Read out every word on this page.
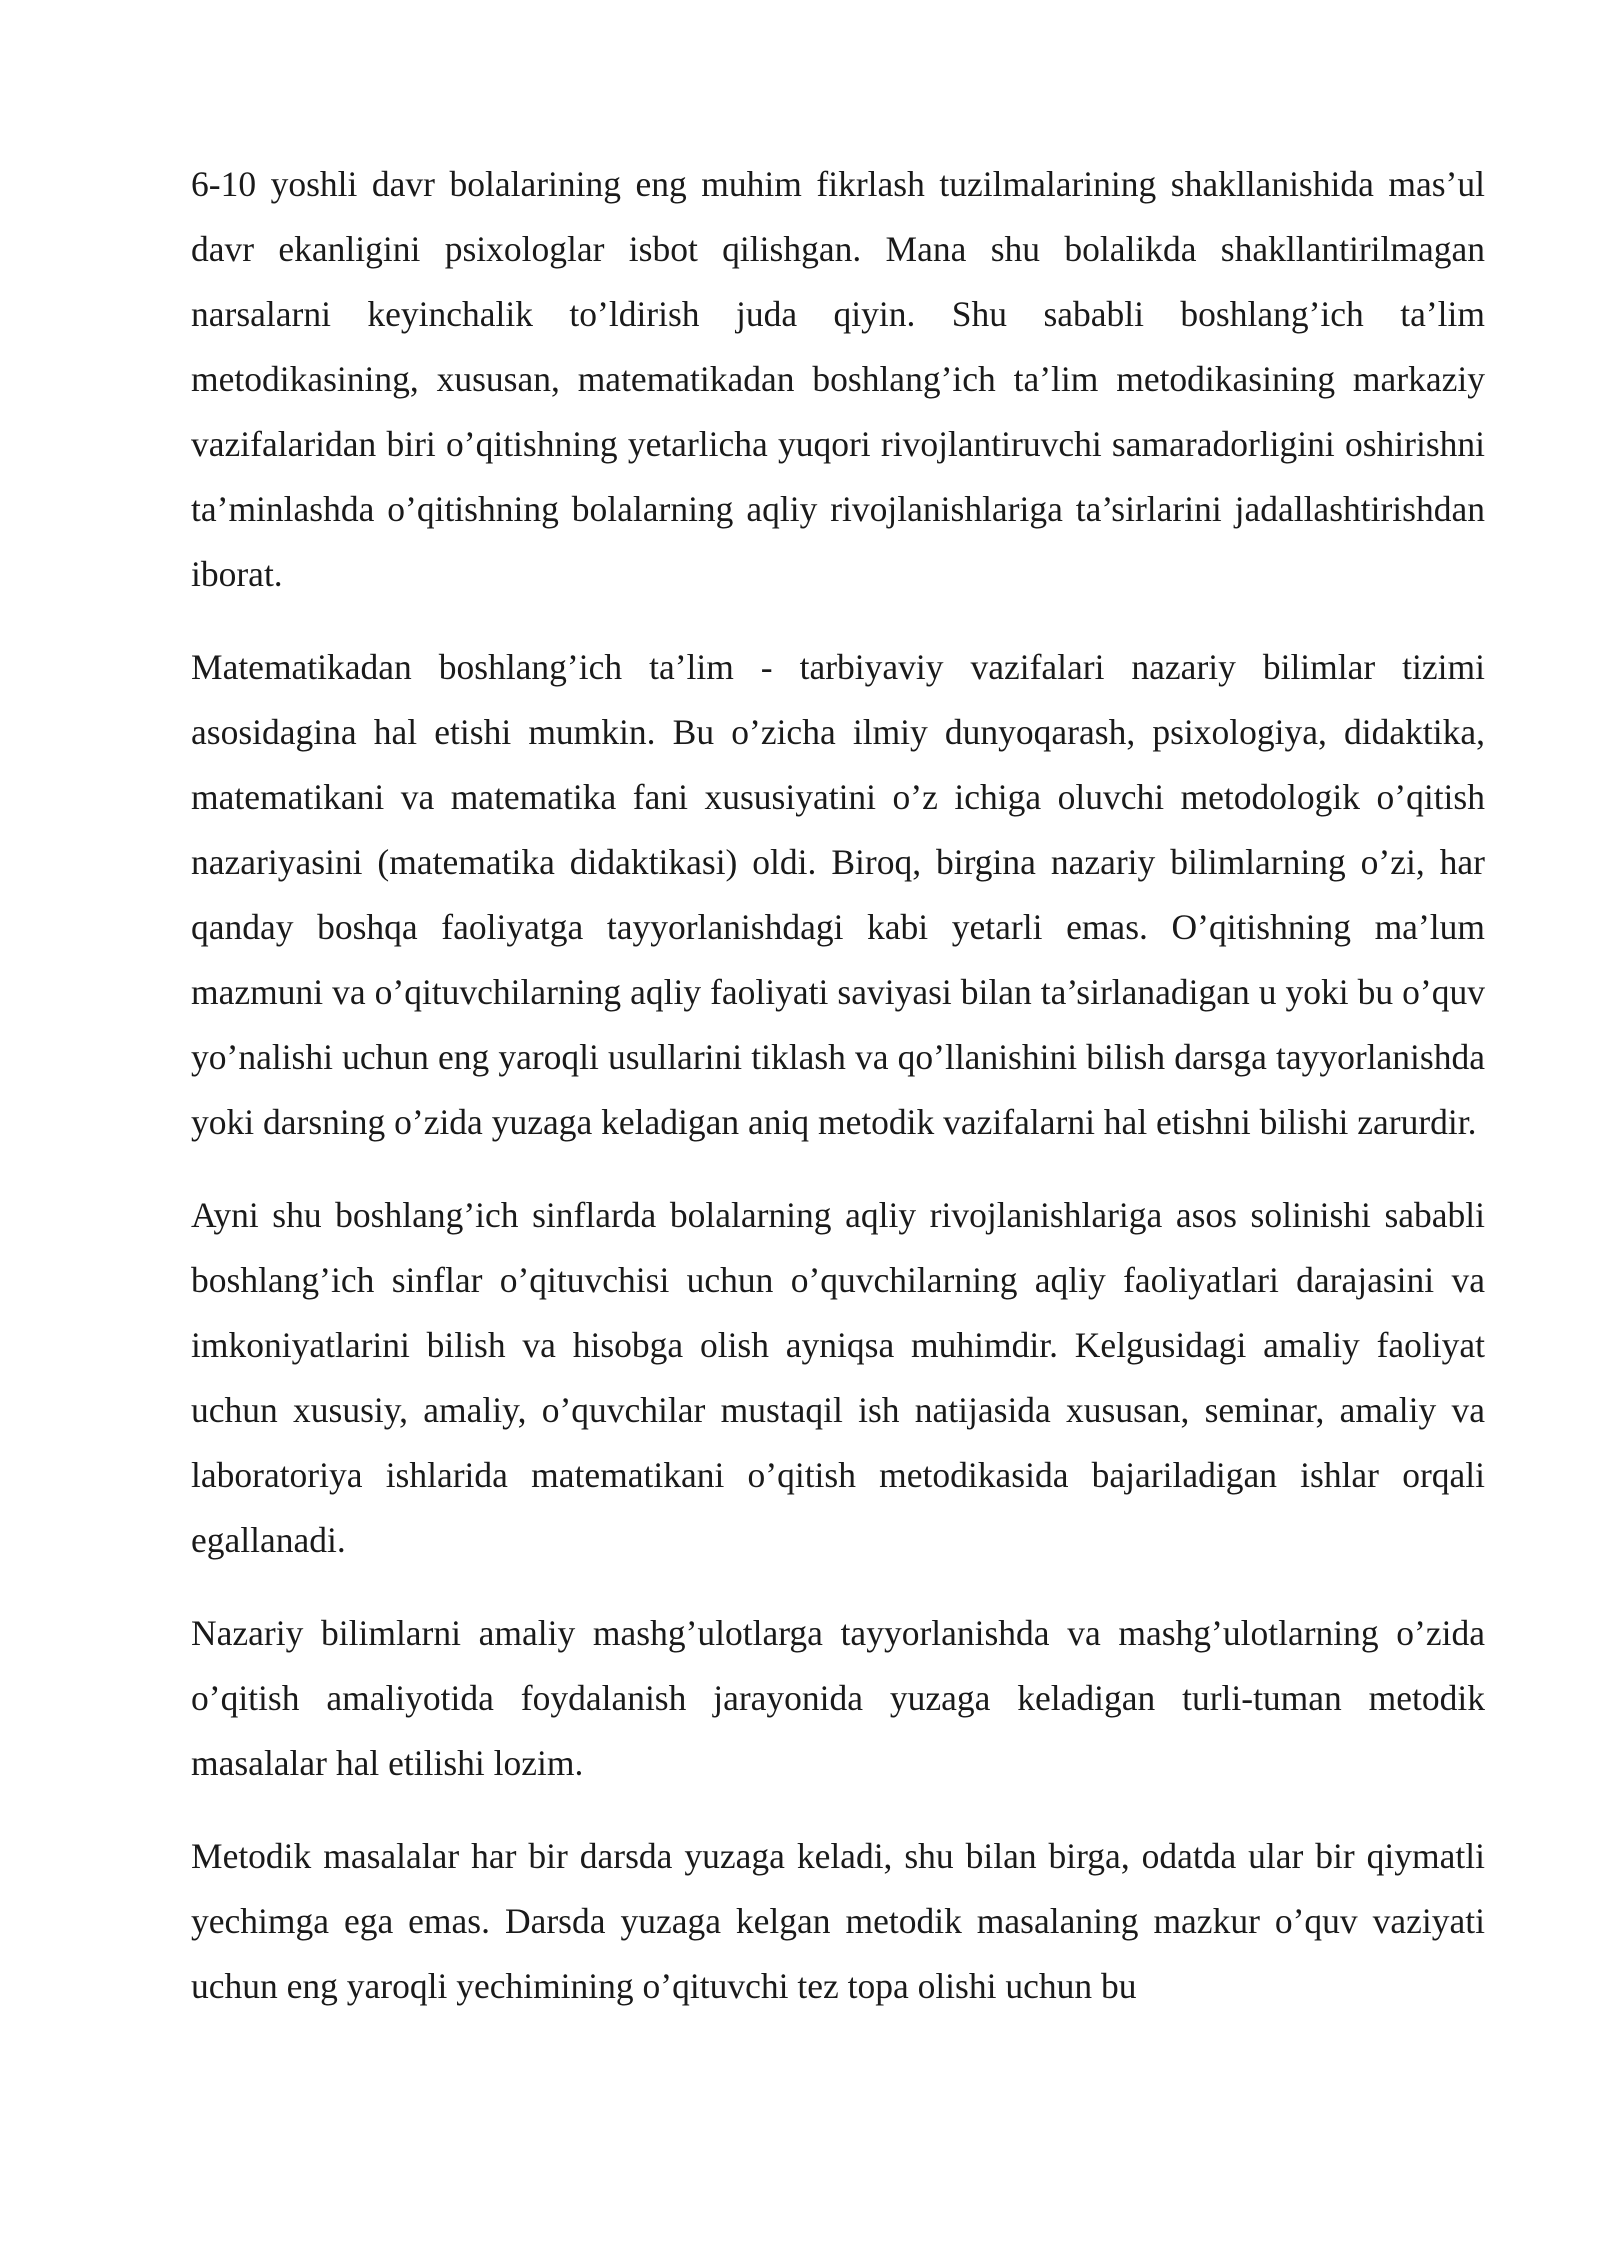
6-10 yoshli davr bolalarining eng muhim fikrlash tuzilmalarining shakllanishida mas’ul davr ekanligini psixologlar isbot qilishgan. Mana shu bolalikda shakllantirilmagan narsalarni keyinchalik to’ldirish juda qiyin. Shu sababli boshlang’ich ta’lim metodikasining, xususan, matematikadan boshlang’ich ta’lim metodikasining markaziy vazifalaridan biri o’qitishning yetarlicha yuqori rivojlantiruvchi samaradorligini oshirishni ta’minlashda o’qitishning bolalarning aqliy rivojlanishlariga ta’sirlarini jadallashtirishdan iborat.

Matematikadan boshlang’ich ta’lim - tarbiyaviy vazifalari nazariy bilimlar tizimi asosidagina hal etishi mumkin. Bu o’zicha ilmiy dunyoqarash, psixologiya, didaktika, matematikani va matematika fani xususiyatini o’z ichiga oluvchi metodologik o’qitish nazariyasini (matematika didaktikasi) oldi. Biroq, birgina nazariy bilimlarning o’zi, har qanday boshqa faoliyatga tayyorlanishdagi kabi yetarli emas. O’qitishning ma’lum mazmuni va o’qituvchilarning aqliy faoliyati saviyasi bilan ta’sirlanadigan u yoki bu o’quv yo’nalishi uchun eng yaroqli usullarini tiklash va qo’llanishini bilish darsga tayyorlanishda yoki darsning o’zida yuzaga keladigan aniq metodik vazifalarni hal etishni bilishi zarurdir.

Ayni shu boshlang’ich sinflarda bolalarning aqliy rivojlanishlariga asos solinishi sababli boshlang’ich sinflar o’qituvchisi uchun o’quvchilarning aqliy faoliyatlari darajasini va imkoniyatlarini bilish va hisobga olish ayniqsa muhimdir. Kelgusidagi amaliy faoliyat uchun xususiy, amaliy, o’quvchilar mustaqil ish natijasida xususan, seminar, amaliy va laboratoriya ishlarida matematikani o’qitish metodikasida bajariladigan ishlar orqali egallanadi.

Nazariy bilimlarni amaliy mashg’ulotlarga tayyorlanishda va mashg’ulotlarning o’zida o’qitish amaliyotida foydalanish jarayonida yuzaga keladigan turli-tuman metodik masalalar hal etilishi lozim.

Metodik masalalar har bir darsda yuzaga keladi, shu bilan birga, odatda ular bir qiymatli yechimga ega emas. Darsda yuzaga kelgan metodik masalaning mazkur o’quv vaziyati uchun eng yaroqli yechimining o’qituvchi tez topa olishi uchun bu
